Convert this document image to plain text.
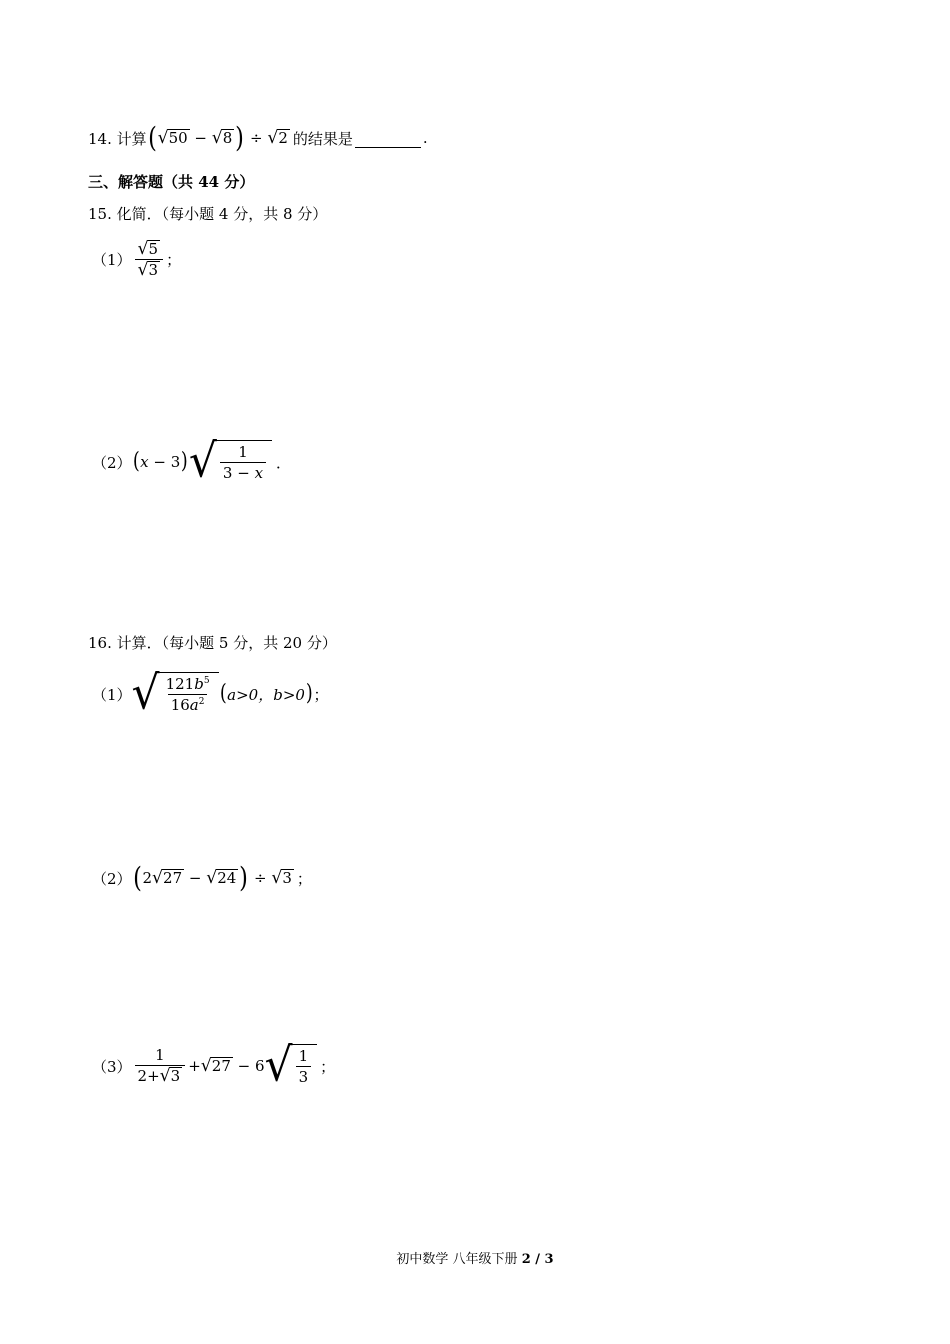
14. 计算 ( √ 50 − √ 8 ) ÷ √ 2 的结果是	.
三、解答题（共 44 分）
15. 化简．（每小题 4 分，共 8 分）
$(1) \frac{√ 5}{√ 3}$ ；
（2） ( x − 3 ) √ $\frac{1}{3 - x}$ ．
16. 计算．（每小题 5 分，共 20 分）
（1） √ $\frac{121b^5}{16a^2}$ ( a>0，b>0 ) ；
（2） ( 2 √ 27 − √ 24 ) ÷ √ 3 ；
$(3) \frac{1}{2+ √ 3}$ + √ 27 − 6 √ $\frac{1}{3}$ ；
初中数学 八年级下册 2 / 3
